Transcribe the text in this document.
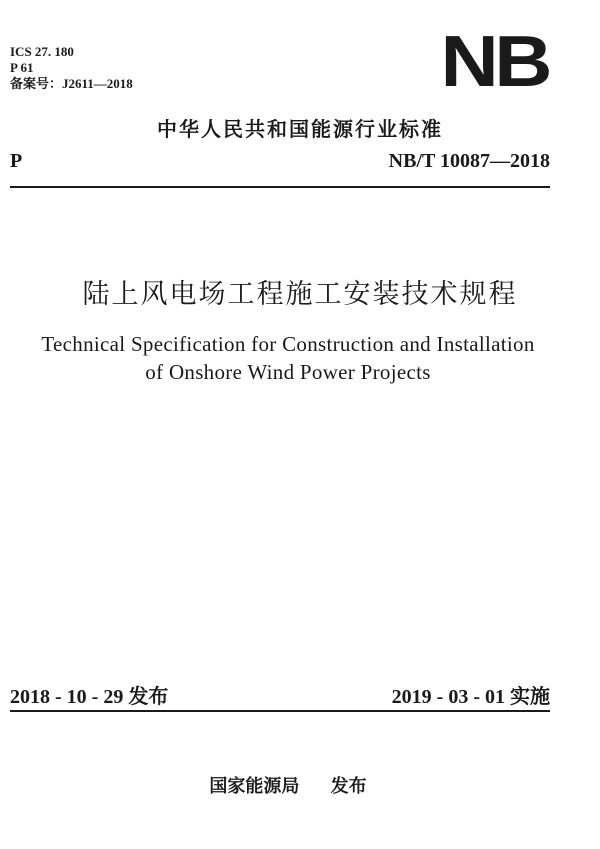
ICS 27. 180
P 61
备案号：J2611—2018	NB
中华人民共和国能源行业标准
P	NB/T 10087—2018
陆上风电场工程施工安装技术规程
Technical Specification for Construction and Installation
of Onshore Wind Power Projects
2018 - 10 - 29 发布	2019 - 03 - 01 实施
国家能源局     发布
